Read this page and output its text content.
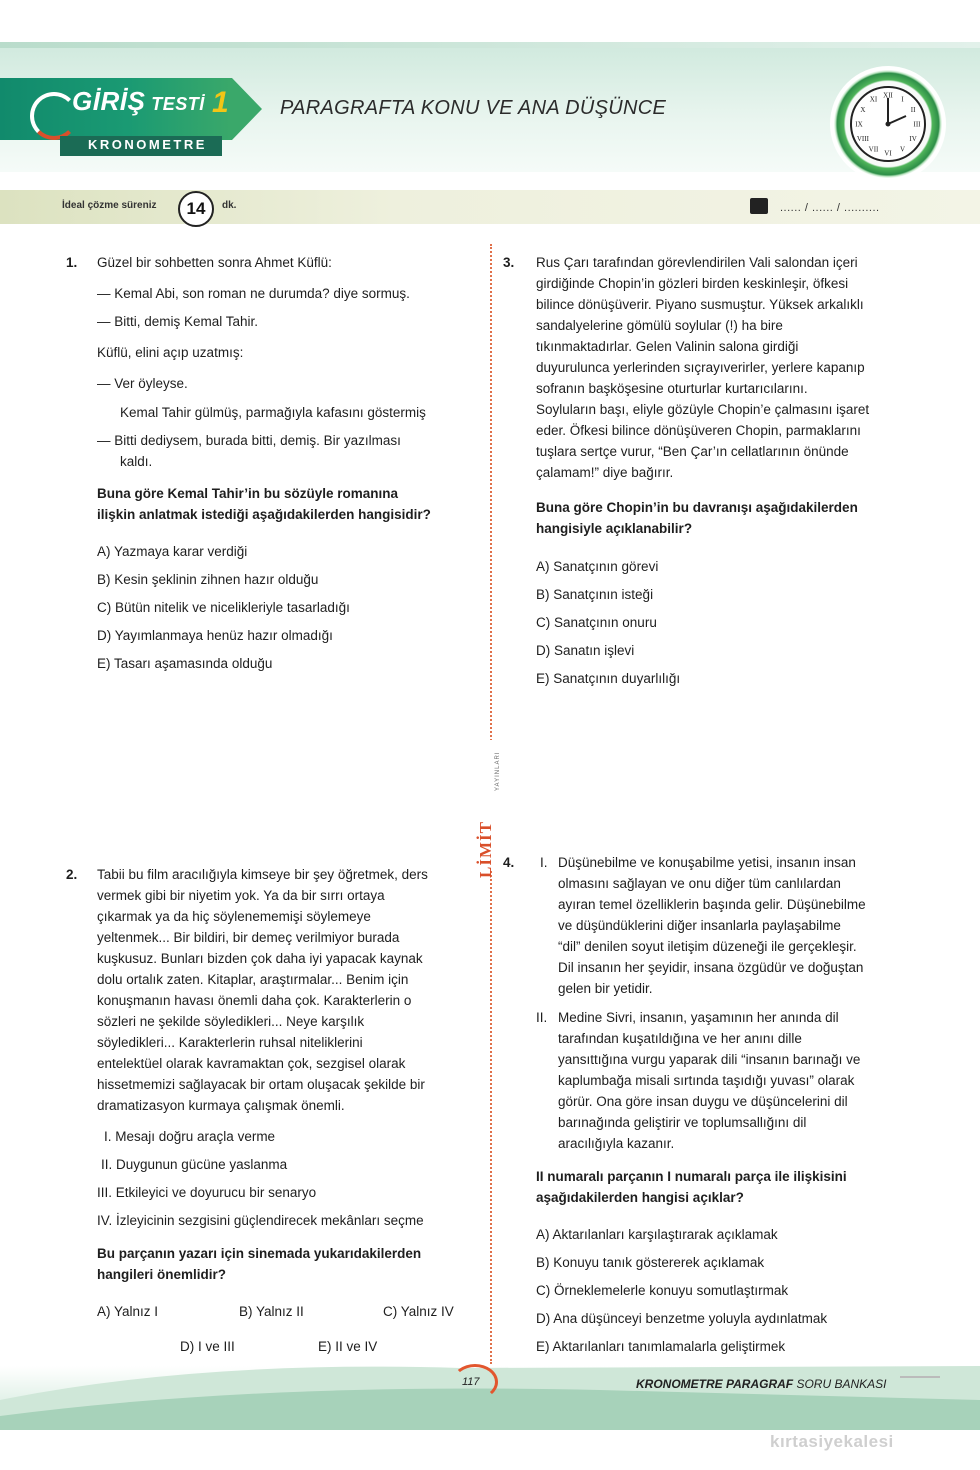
GİRİŞ TESTİ 1
KRONOMETRE
PARAGRAFTA KONU VE ANA DÜŞÜNCE
XII I
II
III
IV
V
VI
VII
VIII
IX
X
XI
İdeal çözme süreniz	14	dk.	...... / ...... / ..........
LİMİT
YAYINLARI
1. Güzel bir sohbetten sonra Ahmet Küflü:
— Kemal Abi, son roman ne durumda? diye sormuş.
— Bitti, demiş Kemal Tahir.
Küflü, elini açıp uzatmış:
— Ver öyleyse.
Kemal Tahir gülmüş, parmağıyla kafasını göstermiş
— Bitti dediysem, burada bitti, demiş. Bir yazılması
kaldı.
Buna göre Kemal Tahir’in bu sözüyle romanına
ilişkin anlatmak istediği aşağıdakilerden hangisidir?
A) Yazmaya karar verdiği
B) Kesin şeklinin zihnen hazır olduğu
C) Bütün nitelik ve nicelikleriyle tasarladığı
D) Yayımlanmaya henüz hazır olmadığı
E) Tasarı aşamasında olduğu
2. Tabii bu film aracılığıyla kimseye bir şey öğretmek, ders
vermek gibi bir niyetim yok. Ya da bir sırrı ortaya
çıkarmak ya da hiç söylenememişi söylemeye
yeltenmek... Bir bildiri, bir demeç verilmiyor burada
kuşkusuz. Bunları bizden çok daha iyi yapacak kaynak
dolu ortalık zaten. Kitaplar, araştırmalar... Benim için
konuşmanın havası önemli daha çok. Karakterlerin o
sözleri ne şekilde söyledikleri... Neye karşılık
söyledikleri... Karakterlerin ruhsal niteliklerini
entelektüel olarak kavramaktan çok, sezgisel olarak
hissetmemizi sağlayacak bir ortam oluşacak şekilde bir
dramatizasyon kurmaya çalışmak önemli.
I. Mesajı doğru araçla verme
II. Duygunun gücüne yaslanma
III. Etkileyici ve doyurucu bir senaryo
IV. İzleyicinin sezgisini güçlendirecek mekânları seçme
Bu parçanın yazarı için sinemada yukarıdakilerden
hangileri önemlidir?
A) Yalnız I	B) Yalnız II	C) Yalnız IV
D) I ve III	E) II ve IV
3. Rus Çarı tarafından görevlendirilen Vali salondan içeri
girdiğinde Chopin’in gözleri birden keskinleşir, öfkesi
bilince dönüşüverir. Piyano susmuştur. Yüksek arkalıklı
sandalyelerine gömülü soylular (!) ha bire
tıkınmaktadırlar. Gelen Valinin salona girdiği
duyurulunca yerlerinden sıçrayıverirler, yerlere kapanıp
sofranın başköşesine oturturlar kurtarıcılarını.
Soyluların başı, eliyle gözüyle Chopin’e çalmasını işaret
eder. Öfkesi bilince dönüşüveren Chopin, parmaklarını
tuşlara sertçe vurur, “Ben Çar’ın cellatlarının önünde
çalamam!” diye bağırır.
Buna göre Chopin’in bu davranışı aşağıdakilerden
hangisiyle açıklanabilir?
A) Sanatçının görevi
B) Sanatçının isteği
C) Sanatçının onuru
D) Sanatın işlevi
E) Sanatçının duyarlılığı
4. I. Düşünebilme ve konuşabilme yetisi, insanın insan
olmasını sağlayan ve onu diğer tüm canlılardan
ayıran temel özelliklerin başında gelir. Düşünebilme
ve düşündüklerini diğer insanlarla paylaşabilme
“dil” denilen soyut iletişim düzeneği ile gerçekleşir.
Dil insanın her şeyidir, insana özgüdür ve doğuştan
gelen bir yetidir.
II. Medine Sivri, insanın, yaşamının her anında dil
tarafından kuşatıldığına ve her anını dille
yansıttığına vurgu yaparak dili “insanın barınağı ve
kaplumbağa misali sırtında taşıdığı yuvası” olarak
görür. Ona göre insan duygu ve düşüncelerini dil
barınağında geliştirir ve toplumsallığını dil
aracılığıyla kazanır.
II numaralı parçanın I numaralı parça ile ilişkisini
aşağıdakilerden hangisi açıklar?
A) Aktarılanları karşılaştırarak açıklamak
B) Konuyu tanık göstererek açıklamak
C) Örneklemelerle konuyu somutlaştırmak
D) Ana düşünceyi benzetme yoluyla aydınlatmak
E) Aktarılanları tanımlamalarla geliştirmek
117	KRONOMETRE PARAGRAF SORU BANKASI
kırtasiyekalesi
